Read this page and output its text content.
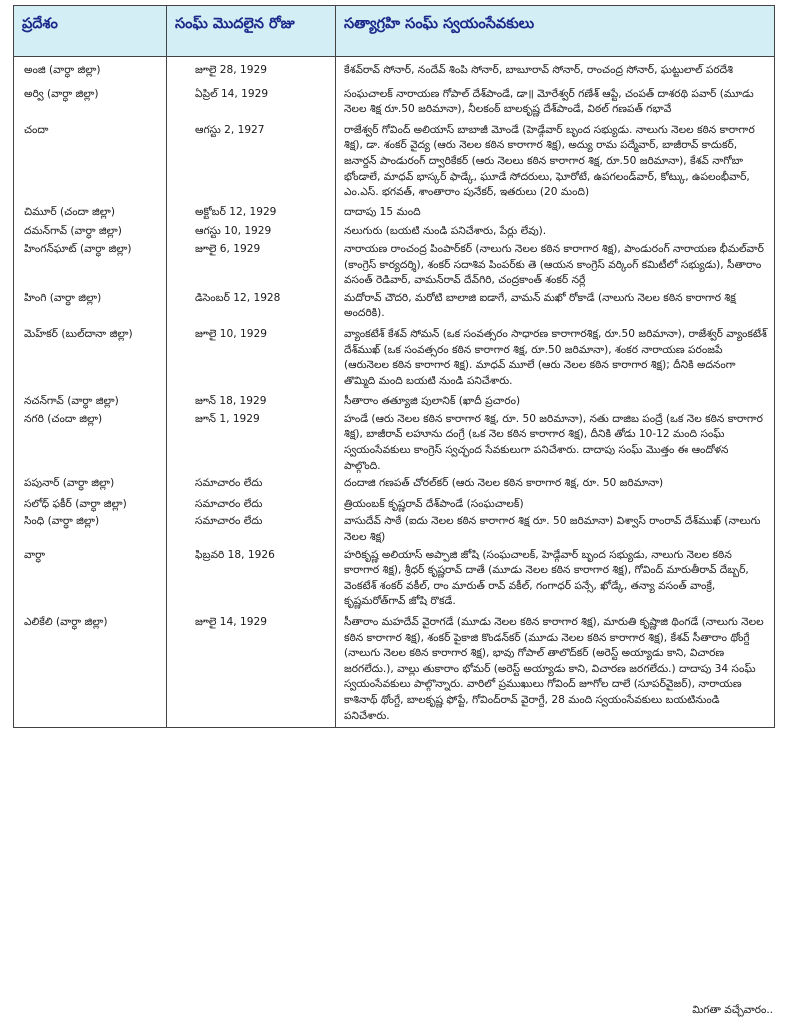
ప్రదేశం	సంఘ్ మొదలైన రోజు	సత్యాగ్రహి సంఘ్ స్వయంసేవకులు
అంజి (వార్ధా జిల్లా)	జూలై 28, 1929	కేశవ్‌రావ్ సోనార్, నందేవ్ శింపి సోనార్, బాబూరావ్ సోనార్, రాంచంద్ర సోనార్, ఘట్టులాల్ పరదేశి
అర్వి (వార్ధా జిల్లా)	ఏప్రిల్ 14, 1929	సంఘచాలక్ నారాయణ గోపాల్ దేశ్‌పాండే, డా॥ మోరేశ్వర్ గణేశ్ ఆప్టే, చంపత్ దాశరథి పవార్ (మూడు నెలల శిక్ష రూ.50 జరిమానా), నీలకంఠ్ బాలకృష్ణ దేశ్‌పాండే, విఠల్ గణపత్ గభావే
చందా	ఆగస్టు 2, 1927	రాజేశ్వర్ గోవింద్ అలియాస్ బాబాజీ మోండే (హెడ్గేవార్ బృంద సభ్యుడు. నాలుగు నెలల కఠిన కారాగార శిక్ష), డా. శంకర్ వైద్య (ఆరు నెలల కఠిన కారాగార శిక్ష), అద్యు రామ పద్మేవార్, బాజీరావ్ కాదుకర్, జనార్దన్ పాండురంగ్ ద్వారికేకర్ (ఆరు నెలలు కఠిన కారాగార శిక్ష, రూ.50 జరిమానా), కేశవ్ నాగోబా భోండాలే, మాధవ్ భాస్కర్ ఫాడ్కే, ఘూడే సోదరులు, ఘోరోటే, ఉపగలండ్‌వార్, కోట్కు, ఉపలంభీవార్, ఎం.ఎస్. భగవత్, శాంతారాం పునేకర్, ఇతరులు (20 మంది)
చిమూర్ (చందా జిల్లా)	అక్టోబర్ 12, 1929	దాదాపు 15 మంది
దమన్‌గావ్ (వార్ధా జిల్లా)	ఆగస్టు 10, 1929	నలుగురు (బయటి నుండి పనిచేశారు, పేర్లు లేవు).
హింగన్‌ఘాట్ (వార్ధా జిల్లా)	జూలై 6, 1929	నారాయణ రాంచంద్ర పింపార్‌కర్ (నాలుగు నెలల కఠిన కారాగార శిక్ష), పాండురంగ్ నారాయణ భీమల్‌వార్ (కాంగ్రెస్ కార్యదర్శి), శంకర్ సదాశివ పింపర్‌కు తె (ఆయన కాంగ్రెస్ వర్కింగ్ కమిటీలో సభ్యుడు), సీతారాం వసంత్ రెడివార్, వామన్‌రావ్ దేవ్‌గిరి, చంద్రకాంత్ శంకర్ నర్లే
హింగి (వార్ధా జిల్లా)	డిసెంబర్ 12, 1928	మదోరావ్ చౌదరి, మరోటి బాలాజి ఐడాగే, వామన్ మఖో రోకాడే (నాలుగు నెలల కఠిన కారాగార శిక్ష అందరికి).
మెహ్‌కర్ (బుల్‌దానా జిల్లా)	జూలై 10, 1929	వ్యాంకటేశ్ కేశవ్ సోమన్ (ఒక సంవత్సరం సాధారణ కారాగారశిక్ష, రూ.50 జరిమానా), రాజేశ్వర్ వ్యాంకటేశ్ దేశ్‌ముఖ్ (ఒక సంవత్సరం కఠిన కారాగార శిక్ష, రూ.50 జరిమానా), శంకర నారాయణ పరంజపే (ఆరునెలల కఠిన కారాగార శిక్ష). మాధవ్ మూలే (ఆరు నెలల కఠిన కారాగార శిక్ష); దీనికి అదనంగా తొమ్మిది మంది బయటి నుండి పనిచేశారు.
నచన్‌గావ్ (వార్ధా జిల్లా)	జూన్ 18, 1929	సీతారాం తత్యూజి పులానిక్ (ఖాదీ ప్రచారం)
నగరి (చందా జిల్లా)	జూన్ 1, 1929	హండే (ఆరు నెలల కఠిన కారాగార శిక్ష, రూ. 50 జరిమానా), నతు దాజిబ పంద్రే (ఒక నెల కఠిన కారాగార శిక్ష), బాజీరావ్ లహూను దంగ్రే (ఒక నెల కఠిన కారాగార శిక్ష), దీనికి తోడు 10-12 మంది సంఘ్ స్వయంసేవకులు కాంగ్రెస్ స్వచ్ఛంద సేవకులుగా పనిచేశారు. దాదాపు సంఘ్ మొత్తం ఈ ఆందోళన పాల్గొంది.
పపునార్ (వార్ధా జిల్లా)	సమాచారం లేదు	దందాజి గణపత్ చోరల్‌కర్ (ఆరు నెలల కఠిన కారాగార శిక్ష, రూ. 50 జరిమానా)
సలోధ్ ఫకీర్ (వార్ధా జిల్లా)	సమాచారం లేదు	త్రియంబక్ కృష్ణరావ్ దేశ్‌పాండే (సంఘచాలక్)
సింధి (వార్ధా జిల్లా)	సమాచారం లేదు	వాసుదేవ్ సాఠే (ఐదు నెలల కఠిన కారాగార శిక్ష రూ. 50 జరిమానా) విశ్వాస్ రాంరావ్ దేశ్‌ముఖ్ (నాలుగు నెలల శిక్ష)
వార్ధా	ఫిబ్రవరి 18, 1926	హరికృష్ణ అలియాస్ అప్పాజి జోషి (సంఘచాలక్, హెడ్గేవార్ బృంద సభ్యుడు, నాలుగు నెలల కఠిన కారాగార శిక్ష), శ్రీధర్ కృష్ణరావ్ దాతే (మూడు నెలల కఠిన కారాగార శిక్ష), గోవింద్ మారుతీరావ్ దేబ్బర్, వెంకటేశ్ శంకర్ వకీల్, రాం మారుత్ రావ్ వకీల్, గంగాధర్ పన్సే, ఖోడ్కే, తన్యా వసంత్ వాంక్రే, కృష్ణమరోత్‌గావ్ జోషి రొకడే.
ఎలికేలి (వార్ధా జిల్లా)	జూలై 14, 1929	సీతారాం మహదేవ్ వైరాగడే (మూడు నెలల కఠిన కారాగార శిక్ష), మారుతి కృష్ణాజి థింగడే (నాలుగు నెలల కఠిన కారాగార శిక్ష), శంకర్ పైకాజి కొండన్‌కర్ (మూడు నెలల కఠిన కారాగార శిక్ష), కేశవ్ సీతారాం థోంగ్దే (నాలుగు నెలల కఠిన కారాగార శిక్ష), భావు గోపాల్ తాలొద్‌కర్ (అరెస్ట్ అయ్యాడు కాని, విచారణ జరగలేదు.), వాల్లు తుకారాం భోమర్ (అరెస్ట్ అయ్యాడు కాని, విచారణ జరగలేదు.) దాదాపు 34 సంఘ్ స్వయంసేవకులు పాల్గొన్నారు. వారిలో ప్రముఖులు గోవింద్ జూగోల దాలే (సూపర్‌వైజర్), నారాయణ కాశినాథ్ థోంగ్దే, బాలకృష్ణ ఫోప్టే, గోవింద్‌రావ్ వైరాగ్దే, 28 మంది స్వయంసేవకులు బయటినుండి పనిచేశారు.
మిగతా వచ్చేవారం..
